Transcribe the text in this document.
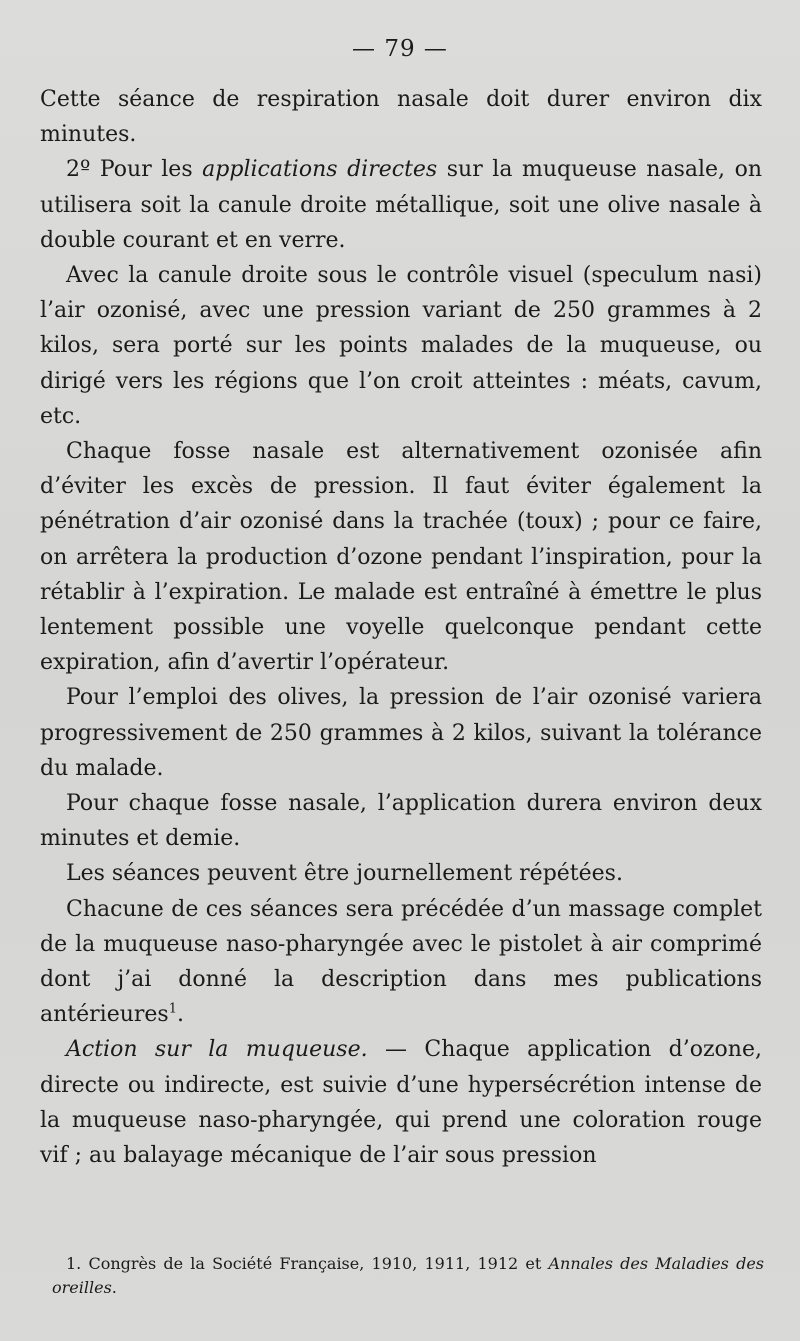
— 79 —

Cette séance de respiration nasale doit durer environ dix minutes.

2º Pour les applications directes sur la muqueuse nasale, on utilisera soit la canule droite métallique, soit une olive nasale à double courant et en verre.

Avec la canule droite sous le contrôle visuel (speculum nasi) l’air ozonisé, avec une pression variant de 250 grammes à 2 kilos, sera porté sur les points malades de la muqueuse, ou dirigé vers les régions que l’on croit atteintes : méats, cavum, etc.

Chaque fosse nasale est alternativement ozonisée afin d’éviter les excès de pression. Il faut éviter également la pénétration d’air ozonisé dans la trachée (toux) ; pour ce faire, on arrêtera la production d’ozone pendant l’inspiration, pour la rétablir à l’expiration. Le malade est entraîné à émettre le plus lentement possible une voyelle quelconque pendant cette expiration, afin d’avertir l’opérateur.

Pour l’emploi des olives, la pression de l’air ozonisé variera progressivement de 250 grammes à 2 kilos, suivant la tolérance du malade.

Pour chaque fosse nasale, l’application durera environ deux minutes et demie.

Les séances peuvent être journellement répétées.

Chacune de ces séances sera précédée d’un massage complet de la muqueuse naso-pharyngée avec le pistolet à air comprimé dont j’ai donné la description dans mes publications antérieures$^1$.

Action sur la muqueuse. — Chaque application d’ozone, directe ou indirecte, est suivie d’une hypersécrétion intense de la muqueuse naso-pharyngée, qui prend une coloration rouge vif ; au balayage mécanique de l’air sous pression

1. Congrès de la Société Française, 1910, 1911, 1912 et Annales des Maladies des oreilles.
